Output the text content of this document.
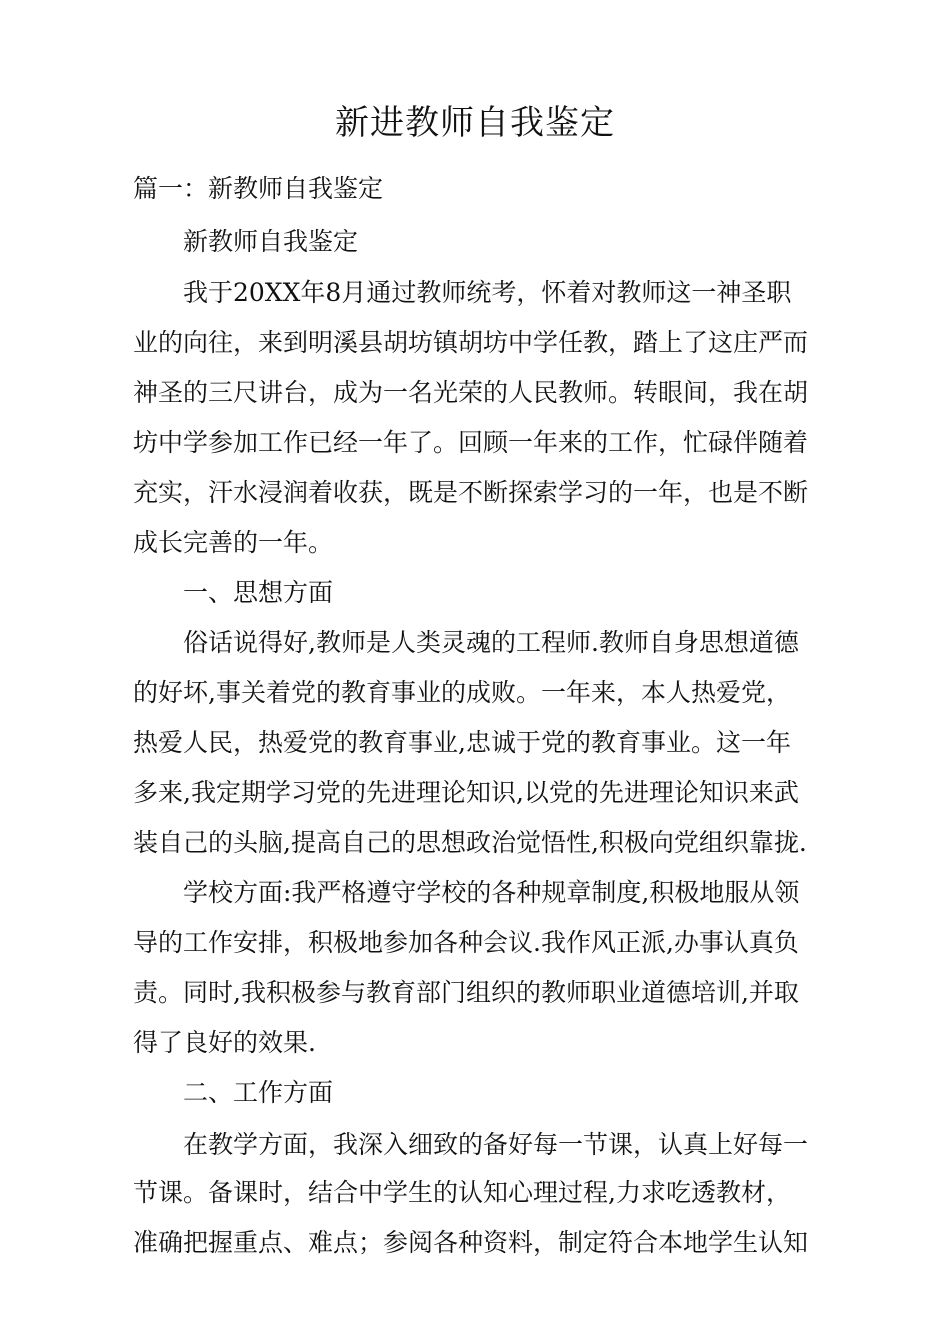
新进教师自我鉴定

篇一：新教师自我鉴定

新教师自我鉴定

我于20XX年8月通过教师统考，怀着对教师这一神圣职

业的向往，来到明溪县胡坊镇胡坊中学任教，踏上了这庄严而

神圣的三尺讲台，成为一名光荣的人民教师。转眼间，我在胡

坊中学参加工作已经一年了。回顾一年来的工作，忙碌伴随着

充实，汗水浸润着收获，既是不断探索学习的一年，也是不断

成长完善的一年。

一、思想方面

俗话说得好,教师是人类灵魂的工程师.教师自身思想道德

的好坏,事关着党的教育事业的成败。一年来，本人热爱党，

热爱人民，热爱党的教育事业,忠诚于党的教育事业。这一年

多来,我定期学习党的先进理论知识,以党的先进理论知识来武

装自己的头脑,提高自己的思想政治觉悟性,积极向党组织靠拢.

学校方面:我严格遵守学校的各种规章制度,积极地服从领

导的工作安排，积极地参加各种会议.我作风正派,办事认真负

责。同时,我积极参与教育部门组织的教师职业道德培训,并取

得了良好的效果.

二、工作方面

在教学方面，我深入细致的备好每一节课，认真上好每一

节课。备课时，结合中学生的认知心理过程,力求吃透教材，

准确把握重点、难点；参阅各种资料，制定符合本地学生认知
